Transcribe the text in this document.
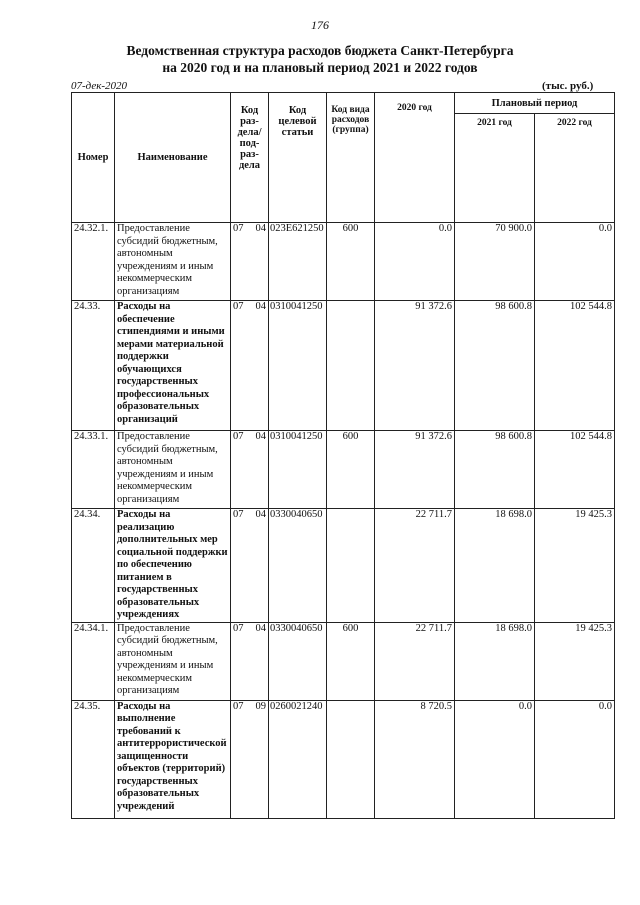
176
Ведомственная структура расходов бюджета Санкт-Петербурга
на 2020 год и на плановый период 2021 и 2022 годов
07-дек-2020	(тыс. руб.)
Номер	Наименование	Код раз-дела/ под-раз-дела	Код целевой статьи	Код вида расходов (группа)	2020 год	Плановый период	
						2021 год	2022 год
24.32.1.	Предоставление субсидий бюджетным, автономным учреждениям и иным некоммерческим организациям	07 04	023Е621250	600	0.0	70 900.0	0.0
24.33.	Расходы на обеспечение стипендиями и иными мерами материальной поддержки обучающихся государственных профессиональных образовательных организаций	07 04	0310041250		91 372.6	98 600.8	102 544.8
24.33.1.	Предоставление субсидий бюджетным, автономным учреждениям и иным некоммерческим организациям	07 04	0310041250	600	91 372.6	98 600.8	102 544.8
24.34.	Расходы на реализацию дополнительных мер социальной поддержки по обеспечению питанием в государственных образовательных учреждениях	07 04	0330040650		22 711.7	18 698.0	19 425.3
24.34.1.	Предоставление субсидий бюджетным, автономным учреждениям и иным некоммерческим организациям	07 04	0330040650	600	22 711.7	18 698.0	19 425.3
24.35.	Расходы на выполнение требований к антитеррористической защищенности объектов (территорий) государственных образовательных учреждений	07 09	0260021240		8 720.5	0.0	0.0
